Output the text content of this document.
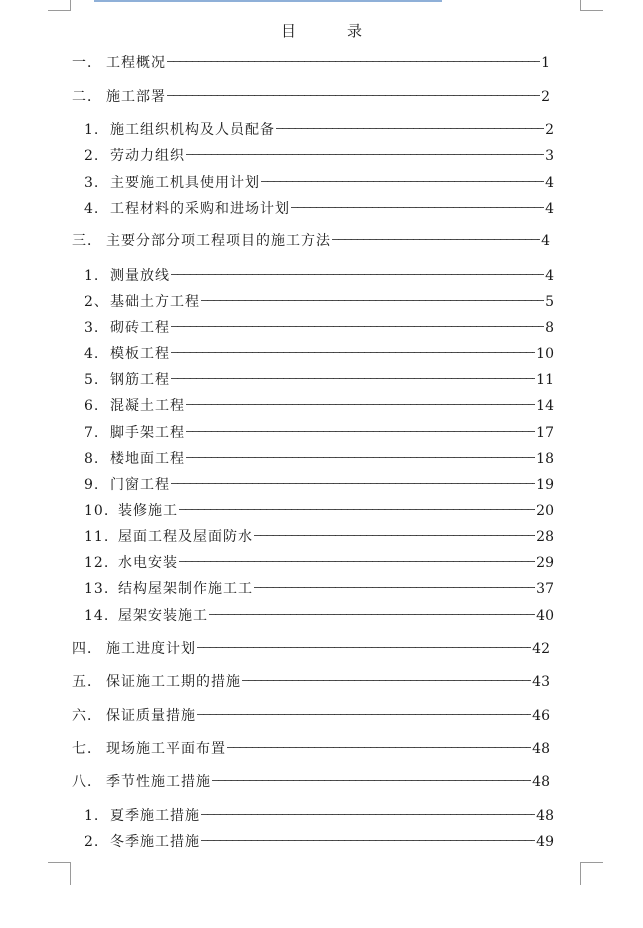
目　录
一． 工程概况 —————	1
二． 施工部署 —————	2
1. 施工组织机构及人员配备 —————	2
2. 劳动力组织 —————	3
3. 主要施工机具使用计划 —————	4
4. 工程材料的采购和进场计划 —————	4
三． 主要分部分项工程项目的施工方法 —————	4
1. 测量放线 —————	4
2、 基础土方工程 —————	5
3. 砌砖工程 —————	8
4. 模板工程 —————	10
5. 钢筋工程 —————	11
6. 混凝土工程 —————	14
7. 脚手架工程 —————	17
8. 楼地面工程 —————	18
9. 门窗工程 —————	19
10. 装修施工 —————	20
11. 屋面工程及屋面防水 —————	28
12. 水电安装 —————	29
13. 结构屋架制作施工工 —————	37
14. 屋架安装施工 —————	40
四． 施工进度计划 —————	42
五． 保证施工工期的措施 —————	43
六． 保证质量措施 —————	46
七． 现场施工平面布置 —————	48
八． 季节性施工措施 —————	48
1. 夏季施工措施 —————	48
2. 冬季施工措施 —————	49
